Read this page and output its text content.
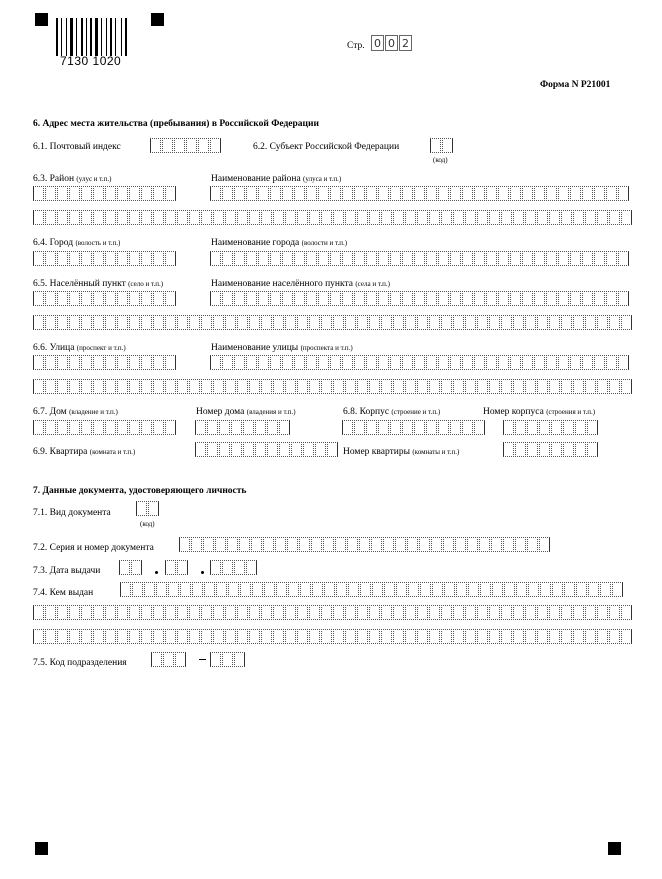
7130 1020
Стр. 0 0 2
Форма N P21001
6. Адрес места жительства (пребывания) в Российской Федерации
6.1. Почтовый индекс	6.2. Субъект Российской Федерации
(код)
6.3. Район (улус и т.п.)	Наименование района (улуса и т.п.)
6.4. Город (волость и т.п.)	Наименование города (волости и т.п.)
6.5. Населённый пункт (село и т.п.)	Наименование населённого пункта (села и т.п.)
6.6. Улица (проспект и т.п.)	Наименование улицы (проспекта и т.п.)
6.7. Дом (владение и т.п.)	Номер дома (владения и т.п.)	6.8. Корпус (строение и т.п.)	Номер корпуса (строения и т.п.)
6.9. Квартира (комната и т.п.)	Номер квартиры (комнаты и т.п.)
7. Данные документа, удостоверяющего личность
7.1. Вид документа
(код)
7.2. Серия и номер документа
7.3. Дата выдачи
7.4. Кем выдан
7.5. Код подразделения
